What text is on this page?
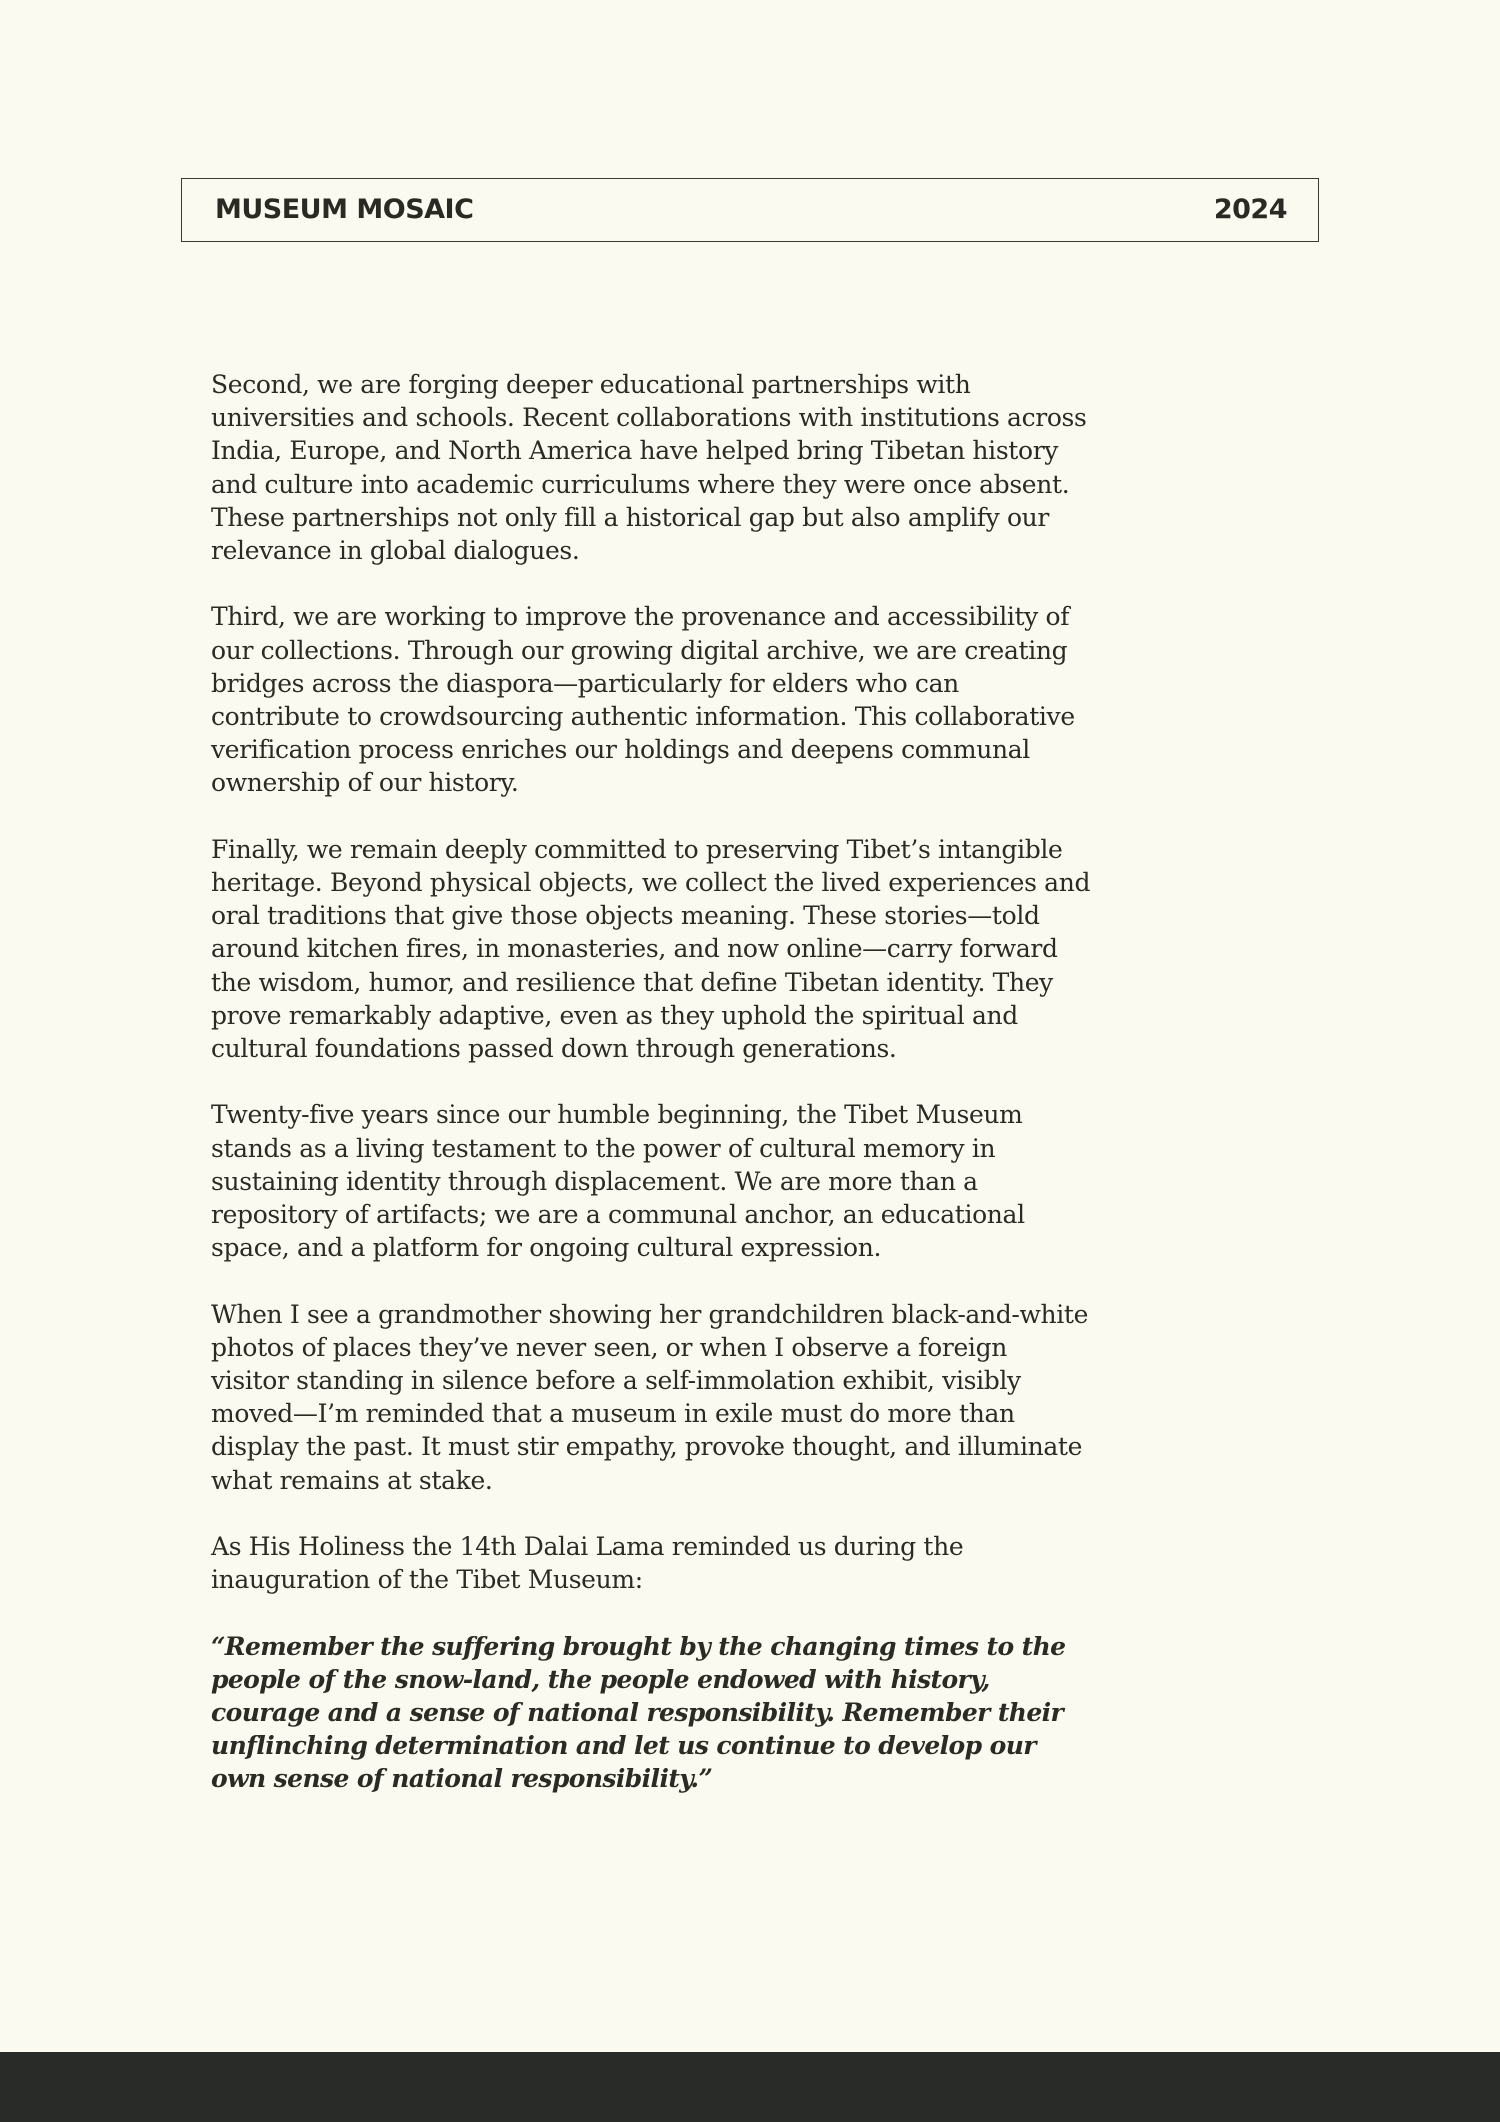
MUSEUM MOSAIC	2024

Second, we are forging deeper educational partnerships with universities and schools. Recent collaborations with institutions across India, Europe, and North America have helped bring Tibetan history and culture into academic curriculums where they were once absent. These partnerships not only fill a historical gap but also amplify our relevance in global dialogues.

Third, we are working to improve the provenance and accessibility of our collections. Through our growing digital archive, we are creating bridges across the diaspora—particularly for elders who can contribute to crowdsourcing authentic information. This collaborative verification process enriches our holdings and deepens communal ownership of our history.

Finally, we remain deeply committed to preserving Tibet’s intangible heritage. Beyond physical objects, we collect the lived experiences and oral traditions that give those objects meaning. These stories—told around kitchen fires, in monasteries, and now online—carry forward the wisdom, humor, and resilience that define Tibetan identity. They prove remarkably adaptive, even as they uphold the spiritual and cultural foundations passed down through generations.

Twenty-five years since our humble beginning, the Tibet Museum stands as a living testament to the power of cultural memory in sustaining identity through displacement. We are more than a repository of artifacts; we are a communal anchor, an educational space, and a platform for ongoing cultural expression.

When I see a grandmother showing her grandchildren black-and-white photos of places they’ve never seen, or when I observe a foreign visitor standing in silence before a self-immolation exhibit, visibly moved—I’m reminded that a museum in exile must do more than display the past. It must stir empathy, provoke thought, and illuminate what remains at stake.

As His Holiness the 14th Dalai Lama reminded us during the inauguration of the Tibet Museum:

“Remember the suffering brought by the changing times to the people of the snow-land, the people endowed with history, courage and a sense of national responsibility. Remember their unflinching determination and let us continue to develop our own sense of national responsibility.”
